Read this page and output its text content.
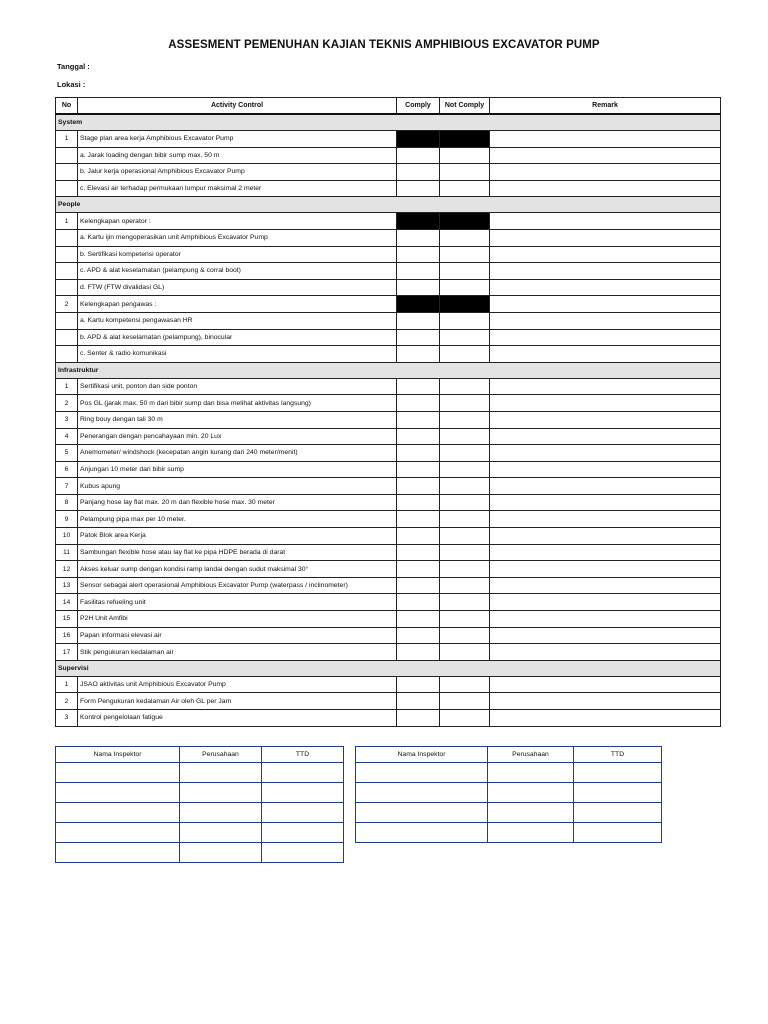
ASSESMENT PEMENUHAN KAJIAN TEKNIS AMPHIBIOUS EXCAVATOR PUMP
Tanggal :
Lokasi :
No	Activity Control	Comply	Not Comply	Remark
System				
1	Stage plan area kerja Amphibious Excavator Pump			
	a. Jarak loading dengan bibir sump max. 50 m			
	b. Jalur kerja operasional Amphibious Excavator Pump			
	c. Elevasi air terhadap permukaan lumpur maksimal 2 meter			
People				
1	Kelengkapan operator :			
	a. Kartu ijin mengoperasikan unit Amphibious Excavator Pump			
	b. Sertifikasi kompetensi operator			
	c. APD & alat keselamatan (pelampung & corral boot)			
	d. FTW (FTW divalidasi GL)			
2	Kelengkapan pengawas :			
	a. Kartu kompetensi pengawasan HR			
	b. APD & alat keselamatan (pelampung), binocular			
	c. Senter & radio komunikasi			
Infrastruktur				
1	Sertifikasi unit, ponton dan side ponton			
2	Pos GL (jarak max. 50 m dari bibir sump dan bisa melihat aktivitas langsung)			
3	Ring bouy dengan tali 30 m			
4	Penerangan dengan pencahayaan min. 20 Lux			
5	Anemometer/ windshock (kecepatan angin kurang dari 240 meter/menit)			
6	Anjungan 10 meter dari bibir sump			
7	Kubus apung			
8	Panjang hose lay flat max. 20 m dan flexible hose max. 30 meter			
9	Pelampung pipa max per 10 meter.			
10	Patok Blok area Kerja			
11	Sambungan flexible hose atau lay flat ke pipa HDPE berada di darat			
12	Akses keluar sump dengan kondisi ramp landai dengan sudut maksimal 30°			
13	Sensor sebagai alert operasional Amphibious Excavator Pump (waterpass / inclinometer)			
14	Fasilitas refueling unit			
15	P2H Unit Amfibi			
16	Papan informasi elevasi air			
17	Stik pengukuran kedalaman air			
Supervisi				
1	JSAO aktivitas unit Amphibious Excavator Pump			
2	Form Pengukuran kedalaman Air oleh GL per Jam			
3	Kontrol pengelolaan fatigue			
Nama Inspektor	Perusahaan	TTD

			Nama Inspektor	Perusahaan	TTD
